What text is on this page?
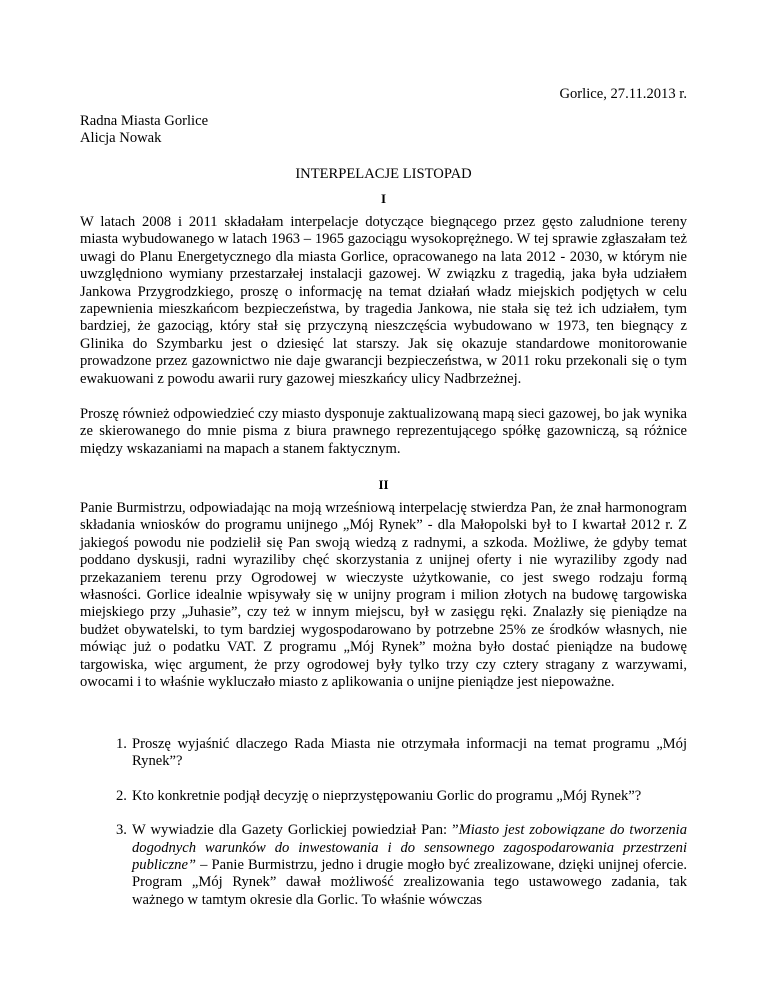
Gorlice, 27.11.2013 r.
Radna Miasta Gorlice
Alicja Nowak
INTERPELACJE LISTOPAD
I

W latach 2008 i 2011 składałam interpelacje dotyczące biegnącego przez gęsto zaludnione tereny miasta wybudowanego w latach 1963 – 1965 gazociągu wysokoprężnego. W tej sprawie zgłaszałam też uwagi do Planu Energetycznego dla miasta Gorlice, opracowanego na lata 2012 - 2030, w którym nie uwzględniono wymiany przestarzałej instalacji gazowej. W związku z tragedią, jaka była udziałem Jankowa Przygrodzkiego, proszę o informację na temat działań władz miejskich podjętych w celu zapewnienia mieszkańcom bezpieczeństwa, by tragedia Jankowa, nie stała się też ich udziałem, tym bardziej, że gazociąg, który stał się przyczyną nieszczęścia wybudowano w 1973, ten biegnący z Glinika do Szymbarku jest o dziesięć lat starszy. Jak się okazuje standardowe monitorowanie prowadzone przez gazownictwo nie daje gwarancji bezpieczeństwa, w 2011 roku przekonali się o tym ewakuowani z powodu awarii rury gazowej mieszkańcy ulicy Nadbrzeżnej.

Proszę również odpowiedzieć czy miasto dysponuje zaktualizowaną mapą sieci gazowej, bo jak wynika ze skierowanego do mnie pisma z biura prawnego reprezentującego spółkę gazowniczą, są różnice między wskazaniami na mapach a stanem faktycznym.

II

Panie Burmistrzu, odpowiadając na moją wrześniową interpelację stwierdza Pan, że znał harmonogram składania wniosków do programu unijnego „Mój Rynek” - dla Małopolski był to I kwartał 2012 r. Z jakiegoś powodu nie podzielił się Pan swoją wiedzą z radnymi, a szkoda. Możliwe, że gdyby temat poddano dyskusji, radni wyraziliby chęć skorzystania z unijnej oferty i nie wyraziliby zgody nad przekazaniem terenu przy Ogrodowej w wieczyste użytkowanie, co jest swego rodzaju formą własności. Gorlice idealnie wpisywały się w unijny program i milion złotych na budowę targowiska miejskiego przy „Juhasie”, czy też w innym miejscu, był w zasięgu ręki. Znalazły się pieniądze na budżet obywatelski, to tym bardziej wygospodarowano by potrzebne 25% ze środków własnych, nie mówiąc już o podatku VAT. Z programu „Mój Rynek” można było dostać pieniądze na budowę targowiska, więc argument, że przy ogrodowej były tylko trzy czy cztery stragany z warzywami, owocami i to właśnie wykluczało miasto z aplikowania o unijne pieniądze jest niepoważne.

1. Proszę wyjaśnić dlaczego Rada Miasta nie otrzymała informacji na temat programu „Mój Rynek”?
2. Kto konkretnie podjął decyzję o nieprzystępowaniu Gorlic do programu „Mój Rynek”?
3. W wywiadzie dla Gazety Gorlickiej powiedział Pan: ”Miasto jest zobowiązane do tworzenia dogodnych warunków do inwestowania i do sensownego zagospodarowania przestrzeni publiczne” – Panie Burmistrzu, jedno i drugie mogło być zrealizowane, dzięki unijnej ofercie. Program „Mój Rynek” dawał możliwość zrealizowania tego ustawowego zadania, tak ważnego w tamtym okresie dla Gorlic. To właśnie wówczas
